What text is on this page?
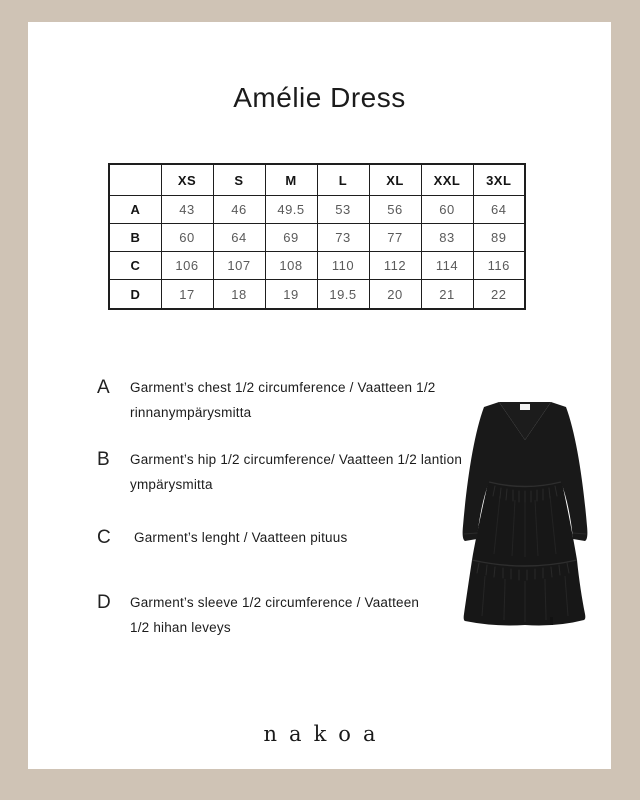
Amélie Dress
	XS	S	M	L	XL	XXL	3XL
A	43	46	49.5	53	56	60	64
B	60	64	69	73	77	83	89
C	106	107	108	110	112	114	116
D	17	18	19	19.5	20	21	22
A	Garment’s chest 1/2 circumference / Vaatteen 1/2 rinnanympärysmitta
B	Garment’s hip 1/2 circumference/ Vaatteen 1/2 lantion ympärysmitta
C	Garment’s lenght / Vaatteen pituus
D	Garment’s sleeve 1/2 circumference / Vaatteen 1/2 hihan leveys

nakoa
